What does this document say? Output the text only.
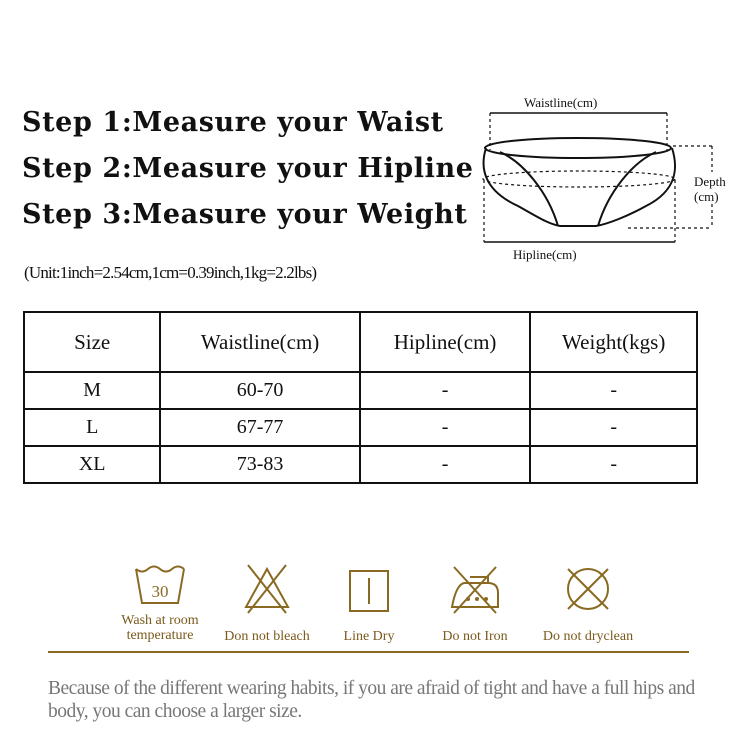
Step 1:Measure your Waist
Step 2:Measure your Hipline
Step 3:Measure your Weight
Waistline(cm)
Depth
(cm)
Hipline(cm)
(Unit:1inch=2.54cm,1cm=0.39inch,1kg=2.2lbs)
Size	Waistline(cm)	Hipline(cm)	Weight(kgs)
M	60-70	-	-
L	67-77	-	-
XL	73-83	-	-
30
Wash at room
temperature	Don not bleach	Line Dry	Do not Iron	Do not dryclean
Because of the different wearing habits, if you are afraid of tight and have a full hips and body, you can choose a larger size.
